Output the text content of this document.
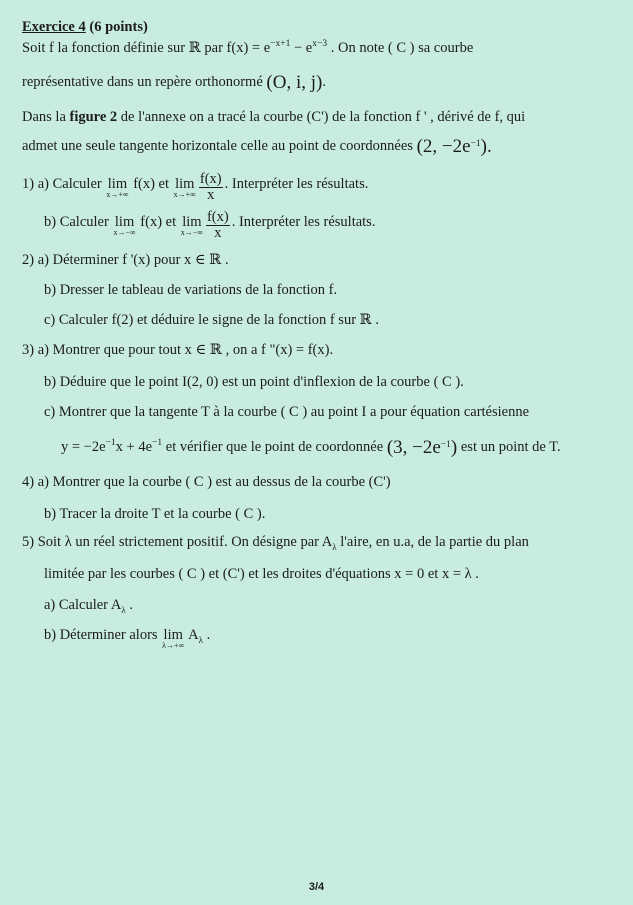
Exercice 4 (6 points)
Soit f la fonction définie sur ℝ par $f(x) = e^{-x+1} - e^{x-3}$ . On note ( C ) sa courbe
représentative dans un repère orthonormé (O, i, j).
Dans la figure 2 de l'annexe on a tracé la courbe (C') de la fonction f ' , dérivé de f, qui
admet une seule tangente horizontale celle au point de coordonnées (2, $-2e^{-1}$).
1) a) Calculer lim
x→+∞
f(x) et lim
$x\to+\infty \frac{f(x)}{x}$ . Interpréter les résultats.
b) Calculer lim
x→−∞
f(x) et lim
$x\to-\infty \frac{f(x)}{x}$ . Interpréter les résultats.
2) a) Déterminer f '(x) pour x ∈ ℝ .
b) Dresser le tableau de variations de la fonction f.
c) Calculer f(2) et déduire le signe de la fonction f sur ℝ .
3) a) Montrer que pour tout x ∈ ℝ , on a f "(x) = f(x).
b) Déduire que le point I(2, 0) est un point d'inflexion de la courbe ( C ).
c) Montrer que la tangente T à la courbe ( C ) au point I a pour équation cartésienne
$y = -2e^{-1}x + 4e^{-1}$ et vérifier que le point de coordonnée (3, $-2e^{-1}$) est un point de T.
4) a) Montrer que la courbe ( C ) est au dessus de la courbe (C')
b) Tracer la droite T et la courbe ( C ).
5) Soit λ un réel strictement positif. On désigne par $A_\lambda$ l'aire, en u.a, de la partie du plan
limitée par les courbes ( C ) et (C') et les droites d'équations x = 0 et x = λ .
a) Calculer $A_\lambda$ .
b) Déterminer alors lim
λ→+∞
$A_\lambda$ .
3/4
